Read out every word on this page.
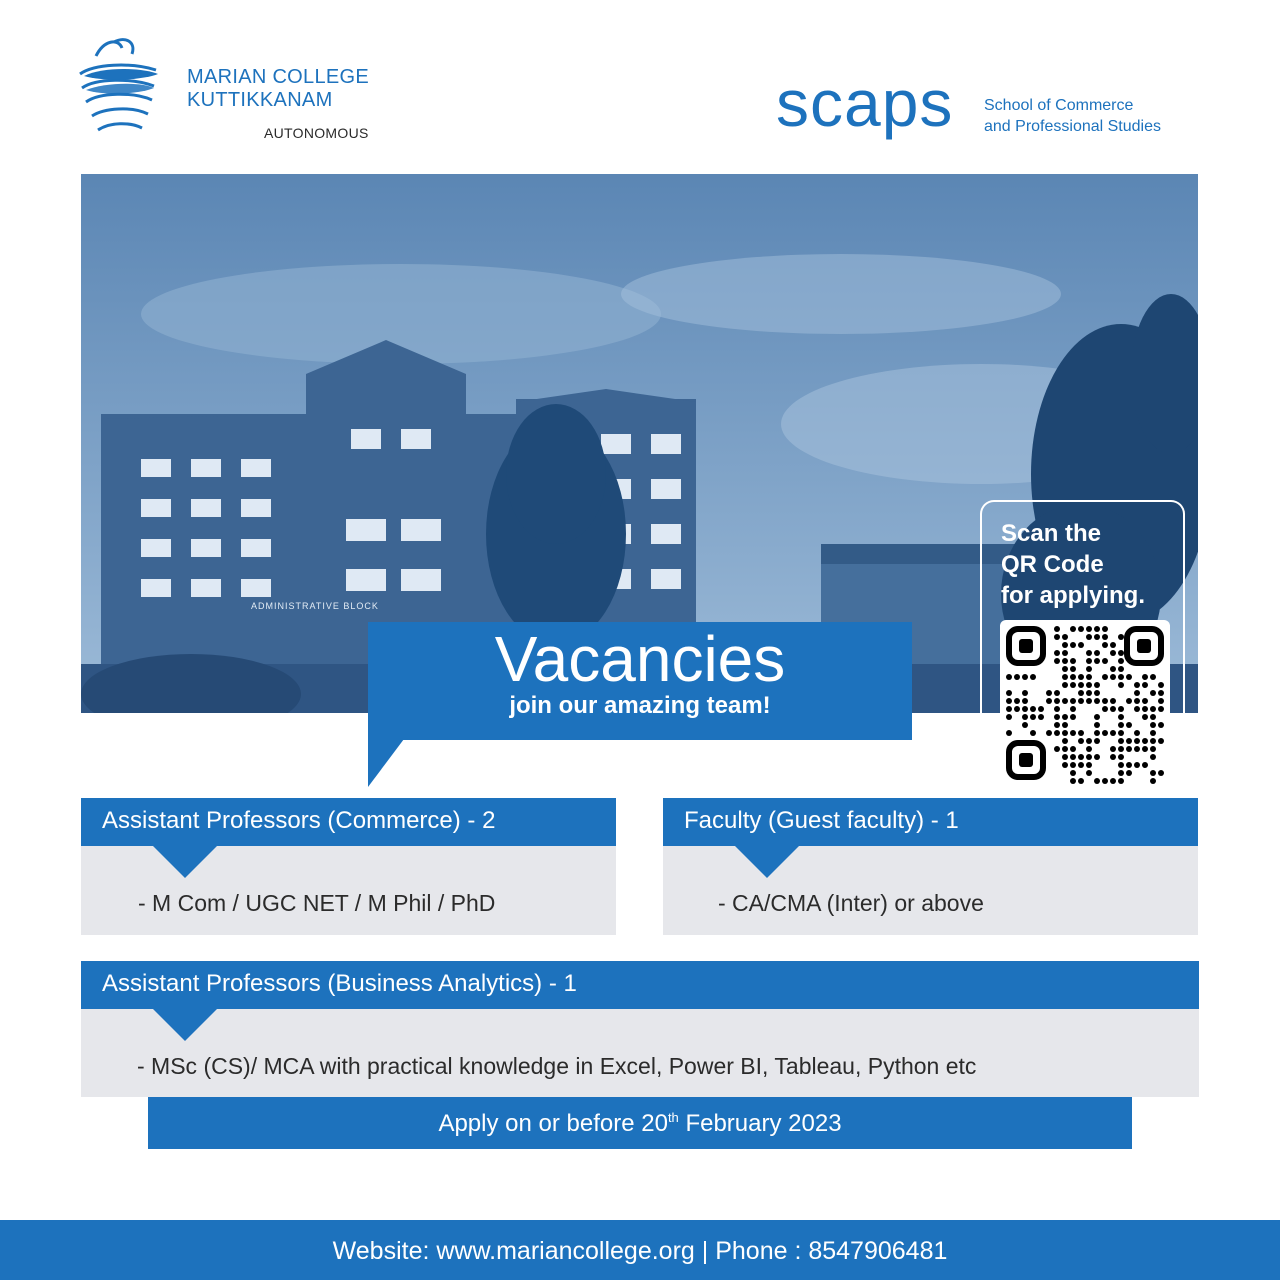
MARIAN COLLEGE
KUTTIKKANAM
AUTONOMOUS	scaps School of Commerce
and Professional Studies
ADMINISTRATIVE BLOCK
Scan the
QR Code
for applying.
Vacancies
join our amazing team!
- M Com / UGC NET / M Phil / PhD
Assistant Professors (Commerce) - 2
- CA/CMA (Inter) or above
Faculty (Guest faculty) - 1
- MSc (CS)/ MCA with practical knowledge in Excel, Power BI, Tableau, Python etc
Assistant Professors (Business Analytics) - 1
Apply on or before 20th February 2023
Website: www.mariancollege.org | Phone : 8547906481
